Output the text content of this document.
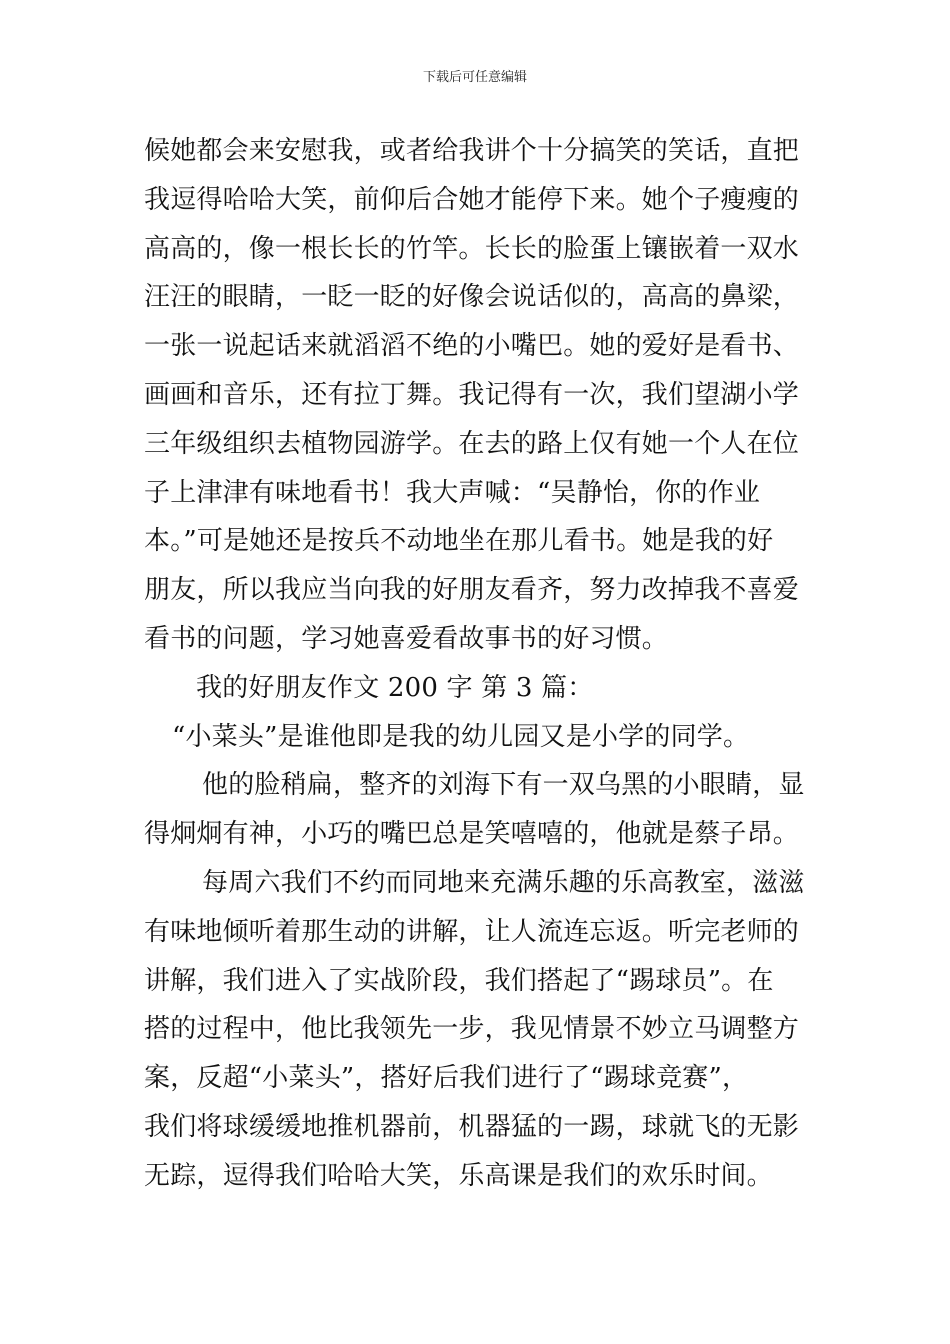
下载后可任意编辑
候她都会来安慰我，或者给我讲个十分搞笑的笑话，直把
我逗得哈哈大笑，前仰后合她才能停下来。她个子瘦瘦的
高高的，像一根长长的竹竿。长长的脸蛋上镶嵌着一双水
汪汪的眼睛，一眨一眨的好像会说话似的，高高的鼻梁，
一张一说起话来就滔滔不绝的小嘴巴。她的爱好是看书、
画画和音乐，还有拉丁舞。我记得有一次，我们望湖小学
三年级组织去植物园游学。在去的路上仅有她一个人在位
子上津津有味地看书！我大声喊：“吴静怡，你的作业
本。”可是她还是按兵不动地坐在那儿看书。她是我的好
朋友，所以我应当向我的好朋友看齐，努力改掉我不喜爱
看书的问题，学习她喜爱看故事书的好习惯。
我的好朋友作文 200 字 第 3 篇：
“小菜头”是谁他即是我的幼儿园又是小学的同学。
他的脸稍扁，整齐的刘海下有一双乌黑的小眼睛，显
得炯炯有神，小巧的嘴巴总是笑嘻嘻的，他就是蔡子昂。
每周六我们不约而同地来充满乐趣的乐高教室，滋滋
有味地倾听着那生动的讲解，让人流连忘返。听完老师的
讲解，我们进入了实战阶段，我们搭起了“踢球员”。在
搭的过程中，他比我领先一步，我见情景不妙立马调整方
案，反超“小菜头”，搭好后我们进行了“踢球竞赛”，
我们将球缓缓地推机器前，机器猛的一踢，球就飞的无影
无踪，逗得我们哈哈大笑，乐高课是我们的欢乐时间。
